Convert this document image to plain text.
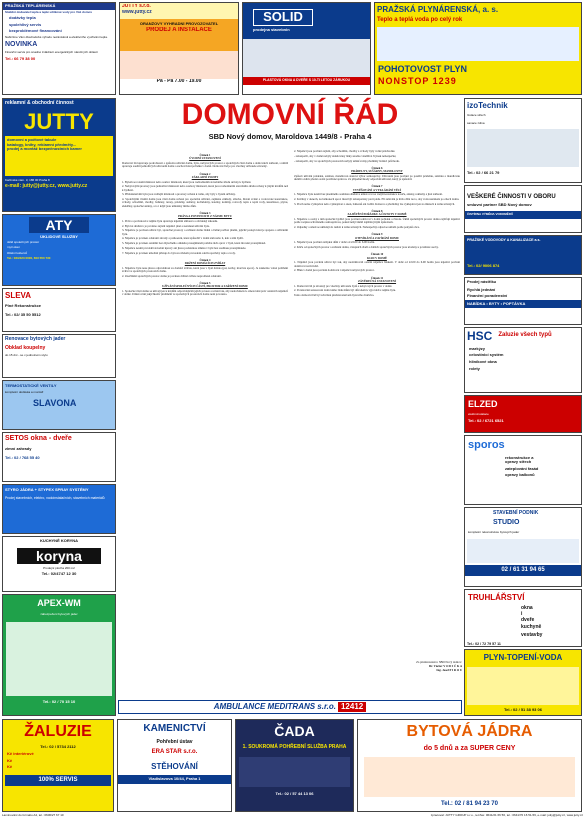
PRAŽSKÁ TEPLÁRENSKÁ
Stabilní dodavatel tepla a teplé užitkové vody pro Váš domov
dodávky tepla
spolehlivý servis
bezproblémové financování
Nabízíme Vám dlouhodobé výhodu nezávislosti a efektivního využívání tepla.
NOVINKA
Finanční servis pro snadné zvládnutí energetických náročných oblastí
Tel.: 66 79 38 00
JUTTY s.r.o.
www.jutty.cz
ORANŽOVÝ VÝHRADNÍ PROVOZOVATEL
PRODEJ A INSTALACE
Pá - Pá 7.00 - 19.00
SOLID
prodejna stavebnin
PLASTOVÁ OKNA A DVEŘE S 10-TI LETOU ZÁRUKOU
PRAŽSKÁ PLYNÁRENSKÁ, a. s.
Teplo a teplá voda po celý rok
POHOTOVOST PLYN
NONSTOP 1239
reklamní & obchodní činnost
JUTTY
domovní a počtové tabule
katalogy, knihy, reklamní předměty...
prodej a montáž bezpečnostních kamer
Karlínské nám. 3, 186 00 Praha 8
e-mail: jutty@jutty.cz, www.jutty.cz
ATY
ÚKLIDOVÉ SLUŽBY
úklid společných prostor
mytí oken
čištění koberců
Tel.: 02/2423 0000, 603 550 730
SLEVA
Plné Rekonstrukce
Tel.: 02/ 35 50 5512
Renovace bytových jader
Obklad koupelny
do 15 dní - se v jednotném stylu
TERMOSTATICKÉ VENTILY
kompletní dodávka a montáž
SLAVONA
SETOS okna - dveře
zimní zahrady
Tel.: 02 / 768 55 40
STYRO JÁDRA + STYPEX SPRAY SYSTÉMY
Prodej stavebních, elektro, vodoinstalačních, stavebních materiálů
KUCHYNĚ KORYNA
koryna
Prodejní plocha 200 m2
Tel.: 02/4747 12 30
APEX-WM
zabezpečení bytových jader
Tel.: 02 / 70 15 10
izoTechnik
Izolace střech
sanace zdiva
Tel.: 02 / 66 21 79
VEŠKERÉ ČINNOSTI V OBORU
smluvní partner SBD Nový domov
ČISTÍRNA VÝMĚNA VODOMĚRŮ
PRAŽSKÉ VODOVODY A KANALIZACE a.s.
Tel.: 02/ 9006 874
Prodej nástřiku
Rychlá jednání
Finanční poradenství
NABÍDKA • BYTY • POPTÁVKA
HSC	Zaluzie všech typů
markýzy
celostínicí systém
hliníkové okna
rolety
ELZED
elektroinstalace
Tel.: 02 / 6721 6521
sporos
rekonstrukce a opravy střech
zateplování fasád
opravy balkonů
STAVEBNÍ PODNIK
STUDIO
kompletní rekonstrukce bytových jader
02 / 61 31 94 65
TRUHLÁŘSTVÍ
okna i dveře
kuchyně
vestavby
Tel.: 02 / 72 79 57 11
PLYN-TOPENÍ-VODA
Tel.: 02 / 51 38 93 06
DOMOVNÍ ŘÁD
SBD Nový domov, Maroldova 1449/8 - Praha 4
Článek 1
ÚVODNÍ USTANOVENÍ
Domovní řád upravuje podrobnosti o způsobu užívání domu, bytu, nebytových prostor a společných částí domu a domovních zařízení, s nimiž upravuje soužití jednotlivých uživatelů domu a zachovávání pořádku v domě. Domovní řád je pro všechny uživatele závazný.
Článek 2
ZÁKLADNÍ POJMY
1. Bytem se rozumí místnost nebo soubor místností, které jsou rozhodnutím stavebního úřadu určeny k bydlení.
2. Nebytovými prostory jsou jednotlivé místnosti nebo soubory místností, které jsou rozhodnutím stavebního úřadu určeny k jiným účelům než k bydlení.
3. Příslušenstvím bytu jsou vedlejší místnosti a prostory určené k tomu, aby byly s bytem užívány.
4. Společnými částmi domu jsou části domu určené pro společné užívání, zejména základy, střecha, hlavní svislé a vodorovné konstrukce, vchody, schodiště, chodby, balkóny, terasy, prádelny, sušárny, kočárkárny, kotelny, komíny, rozvody tepla a teplé vody, kanalizace, plynu, elektřiny, společné antény, a to i když jsou umístěny mimo dům.
Článek 3
PRÁVA A POVINNOSTI Z NÁJMU BYTU
1. Práva a povinnosti z nájmu bytu upravuje nájemní smlouva a občanský zákoník.
2. Bytové družstvo je povinno zajistit nájemci plné a nerušené užívání bytu.
3. Nájemce je povinen užívat byt, společné prostory a zařízení domu řádně a řádně požívat plnění, jejichž poskytování je spojeno s užíváním bytu.
4. Nájemce je povinen odstranit závady a poškození, které způsobil v domě sám nebo ti, kdo s ním bydlí.
5. Nájemce je povinen oznámit bez zbytečného odkladu pronajímateli potřebu těch oprav v bytě, které má nést pronajímatel.
6. Nájemce nesmí provádět stavební úpravy ani jinou podstatnou změnu v bytě bez souhlasu pronajímatele.
7. Nájemce je povinen umožnit přístup do bytu za účelem provedení odečtu spotřeby tepla a vody.
Článek 4
DRŽENÍ DOMÁCÍCH ZVÍŘAT
1. Nájemce bytu nese plnou odpovědnost za domácí zvířata, která jsou v bytě držena (psi, kočky, morčata apod.). Je zakázáno volné pobíhání zvířat ve společných prostorách domu.
2. Znečištění společných prostor domu je povinen držitel zvířete neprodleně odstranit.
Článek 5
UŽÍVÁNÍ SPOLEČNÝCH ČÁSTÍ, PROSTOR A ZAŘÍZENÍ DOMU
1. Společné části domu se užívají jen k účelům odpovídajícím jejich povaze a určení tak, aby nedocházelo k omezování práv ostatních nájemců v domě. Umisťování jakýchkoliv předmětů ve společných prostorách domu není povoleno.
2. Nájemci jsou povinni zajistit, aby schodiště, chodby a vchody byly volně průchodné.
- zabezpečit, aby v domě nebyly skladovány látky snadno vznětlivé či jinak nebezpečné,
- zabezpečit, aby ve společných prostorách nebyly umisťovány předměty bránící průchodu.
Článek 6
PRÁDELNY, SUŠÁRNY, MANDLOVNY
Způsob užívání prádelen, sušáren, mandloven stanoví výbor samosprávy. Uživatelé jsou povinni po použití prádelnu, sušárnu a mandlovnu uklidit a klíče předat osobě pověřené správou. Za případné škody odpovídá uživatel, který je způsobil.
Článek 7
VYVĚŠOVÁNÍ A VYKLÁDÁNÍ VĚCÍ
1. Nájemce bytu nesmí bez písemného souhlasu družstva umísťovat na vnější konstrukce nosiče, antény, reklamy a jiná zařízení.
2. Květiny v oknech, na balkonech apod. musí být zabezpečeny proti pádu. Při zalévání je třeba dbát na to, aby voda nestékala po zdech domu.
3. Prach nelze vytřepávat nebo vyklepávat z oken, balkonů ani lodžií. Koberce a předložky lze vyklepávat jen na místech k tomu určených.
Článek 8
ZAJIŠTĚNÍ POŘÁDKU A ČISTOTY V DOMĚ
1. Nájemce a osoby s ním společně bydlící jsou povinni udržovat v domě pořádek a čistotu. Úklid společných prostor domu zajišťují nájemci podle rozpisu schváleného samosprávou, pokud nebyl úklid zajištěn jiným způsobem.
2. Odpadky a smetí se ukládají do nádob k tomu určených. Nebezpečný odpad se ukládá podle pokynů obce.
Článek 9
OTEVÍRÁNÍ A ZAVÍRÁNÍ DOMU
1. Nájemci jsou povinni zamykat dům v době od 22.00 do 6.00 hodin.
2. Klíče od společných prostor a zařízení domu, vstupních dveří a dalších společných prostor jsou uloženy u pověřené osoby.
Článek 10
KLID V DOMĚ
1. Nájemci jsou povinni užívat byt tak, aby neobtěžovali ostatní nájemce hlukem. V době od 22.00 do 6.00 hodin jsou nájemci povinni dodržovat noční klid.
2. Hluk v domě jsou povinni dodržovat i nájemci nebytových prostor.
Článek 11
ZÁVĚREČNÁ USTANOVENÍ
1. Domovní řád je závazný pro všechny uživatele bytů a nebytových prostor v domě.
2. Porušování ustanovení domovního řádu může být důvodem k výpovědi z nájmu bytu.
Tento domovní řád byl schválen představenstvem bytového družstva.
Za představenstvo SBD Nový domov:
Dr. Václav V O D I Č K A
Ing. Josef P I R O U
AMBULANCE MEDITRANS s.r.o. 12412
ŽALUZIE
Tel.: 02 / 5734 2112
Kč interiérové
Kč
Kč
100% SERVIS
KAMENICTVÍ
Pohřební ústav
ERA STAR s.r.o.
STĚHOVÁNÍ
Vladislavova 10/44, Praha 1
ČADA
1. SOUKROMÁ POHŘEBNÍ SLUŽBA PRAHA
Tel.: 02 / 57 44 13 06
BYTOVÁ JÁDRA
do 5 dnů a za SUPER CENY
Tel.: 02 / 81 94 23 70
Laminování do formátu A4, tel.: 0606/27 67 10	zpracoval: JUTTY GROUP s.r.o., tel./fax: 0641/21 66 56, tel.: 0641/70 16 51-56, e-mail: jutty@jutty.cz, www.jutty.cz
